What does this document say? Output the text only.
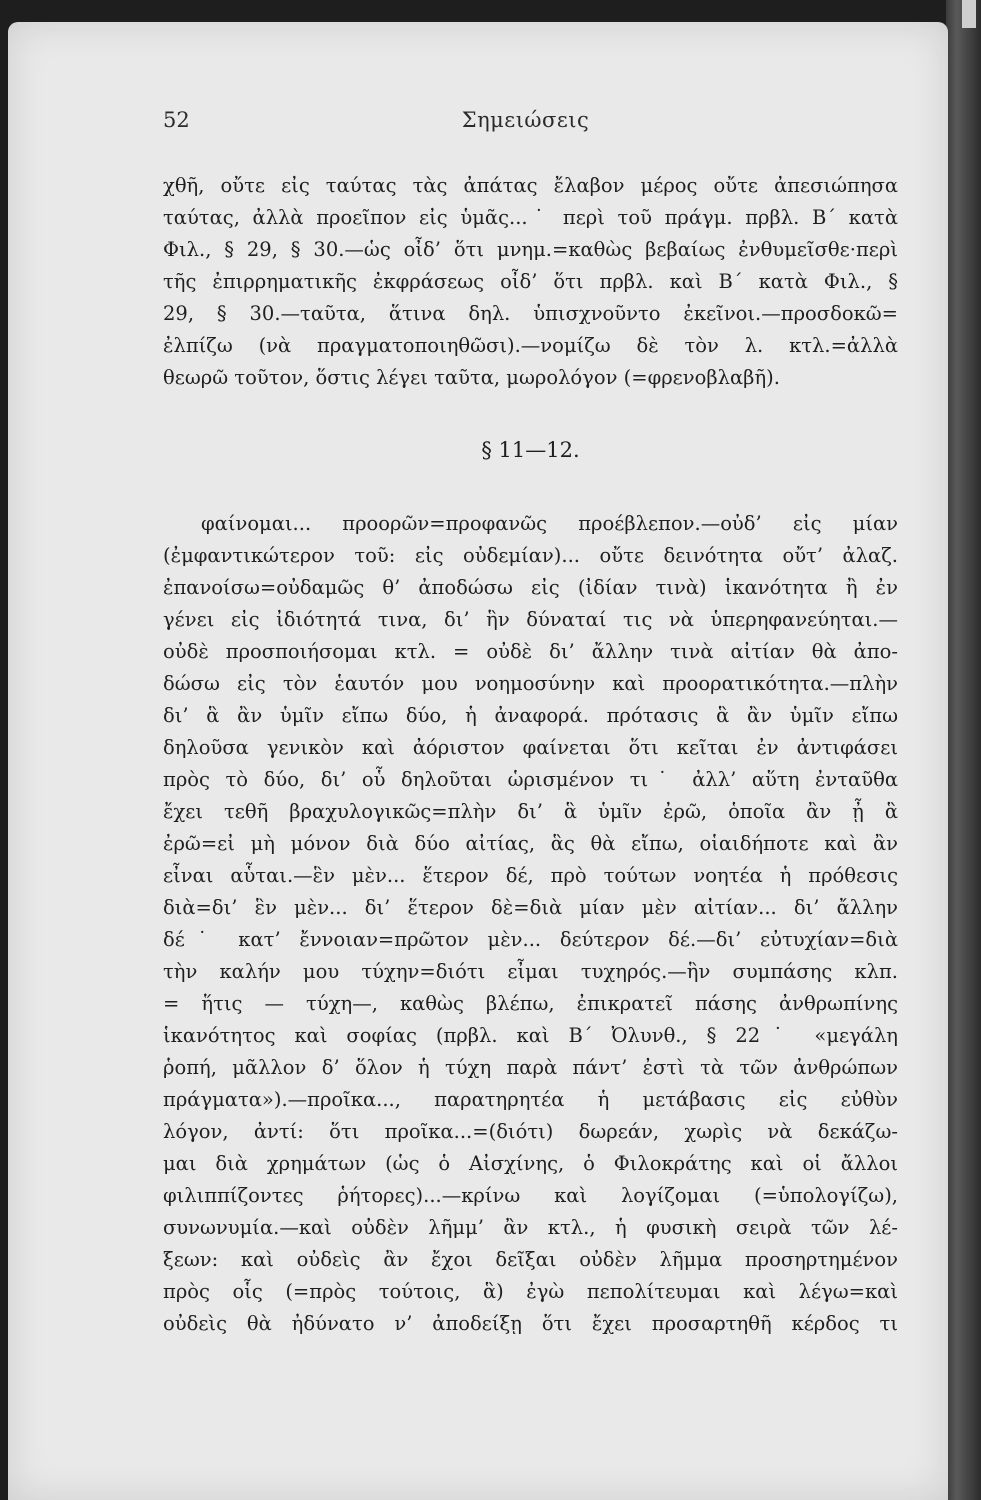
52	Σημειώσεις
χθῆ, οὔτε εἰς ταύτας τὰς ἀπάτας ἔλαβον μέρος οὔτε ἀπεσιώπησα
ταύτας, ἀλλὰ προεῖπον εἰς ὑμᾶς...˙ περὶ τοῦ πράγμ. πρβλ. Β΄ κατὰ
Φιλ., § 29, § 30.—ὡς οἶδ’ ὅτι μνημ.=καθὼς βεβαίως ἐνθυμεῖσθε·περὶ
τῆς ἐπιρρηματικῆς ἐκφράσεως οἶδ’ ὅτι πρβλ. καὶ Β΄ κατὰ Φιλ., §
29, § 30.—ταῦτα, ἅτινα δηλ. ὑπισχνοῦντο ἐκεῖνοι.—προσδοκῶ=
ἐλπίζω (νὰ πραγματοποιηθῶσι).—νομίζω δὲ τὸν λ. κτλ.=ἀλλὰ
θεωρῶ τοῦτον, ὅστις λέγει ταῦτα, μωρολόγον (=φρενοβλαβῆ).
§ 11—12.
φαίνομαι... προορῶν=προφανῶς προέβλεπον.—οὐδ’ εἰς μίαν
(ἐμφαντικώτερον τοῦ: εἰς οὐδεμίαν)... οὔτε δεινότητα οὔτ’ ἀλαζ.
ἐπανοίσω=οὐδαμῶς θ’ ἀποδώσω εἰς (ἰδίαν τινὰ) ἱκανότητα ἢ ἐν
γένει εἰς ἰδιότητά τινα, δι’ ἣν δύναταί τις νὰ ὑπερηφανεύηται.—
οὐδὲ προσποιήσομαι κτλ. = οὐδὲ δι’ ἄλλην τινὰ αἰτίαν θὰ ἀπο-
δώσω εἰς τὸν ἑαυτόν μου νοημοσύνην καὶ προορατικότητα.—πλὴν
δι’ ἃ ἂν ὑμῖν εἴπω δύο, ἡ ἀναφορά. πρότασις ἃ ἂν ὑμῖν εἴπω
δηλοῦσα γενικὸν καὶ ἀόριστον φαίνεται ὅτι κεῖται ἐν ἀντιφάσει
πρὸς τὸ δύο, δι’ οὗ δηλοῦται ὡρισμένον τι˙ ἀλλ’ αὕτη ἐνταῦθα
ἔχει τεθῆ βραχυλογικῶς=πλὴν δι’ ἃ ὑμῖν ἐρῶ, ὁποῖα ἂν ᾖ ἃ
ἐρῶ=εἰ μὴ μόνον διὰ δύο αἰτίας, ἃς θὰ εἴπω, οἱαιδήποτε καὶ ἂν
εἶναι αὗται.—ἓν μὲν... ἕτερον δέ, πρὸ τούτων νοητέα ἡ πρόθεσις
διὰ=δι’ ἓν μὲν... δι’ ἕτερον δὲ=διὰ μίαν μὲν αἰτίαν... δι’ ἄλλην
δέ˙ κατ’ ἔννοιαν=πρῶτον μὲν... δεύτερον δέ.—δι’ εὐτυχίαν=διὰ
τὴν καλήν μου τύχην=διότι εἶμαι τυχηρός.—ἣν συμπάσης κλπ.
= ἥτις — τύχη—, καθὼς βλέπω, ἐπικρατεῖ πάσης ἀνθρωπίνης
ἱκανότητος καὶ σοφίας (πρβλ. καὶ Β΄ Ὀλυνθ., § 22˙ «μεγάλη
ῥοπή, μᾶλλον δ’ ὅλον ἡ τύχη παρὰ πάντ’ ἐστὶ τὰ τῶν ἀνθρώπων
πράγματα»).—προῖκα..., παρατηρητέα ἡ μετάβασις εἰς εὐθὺν
λόγον, ἀντί: ὅτι προῖκα...=(διότι) δωρεάν, χωρὶς νὰ δεκάζω-
μαι διὰ χρημάτων (ὡς ὁ Αἰσχίνης, ὁ Φιλοκράτης καὶ οἱ ἄλλοι
φιλιππίζοντες ῥήτορες)...—κρίνω καὶ λογίζομαι (=ὑπολογίζω),
συνωνυμία.—καὶ οὐδὲν λῆμμ’ ἂν κτλ., ἡ φυσικὴ σειρὰ τῶν λέ-
ξεων: καὶ οὐδεὶς ἂν ἔχοι δεῖξαι οὐδὲν λῆμμα προσηρτημένον
πρὸς οἷς (=πρὸς τούτοις, ἃ) ἐγὼ πεπολίτευμαι καὶ λέγω=καὶ
οὐδεὶς θὰ ἠδύνατο ν’ ἀποδείξῃ ὅτι ἔχει προσαρτηθῆ κέρδος τι
